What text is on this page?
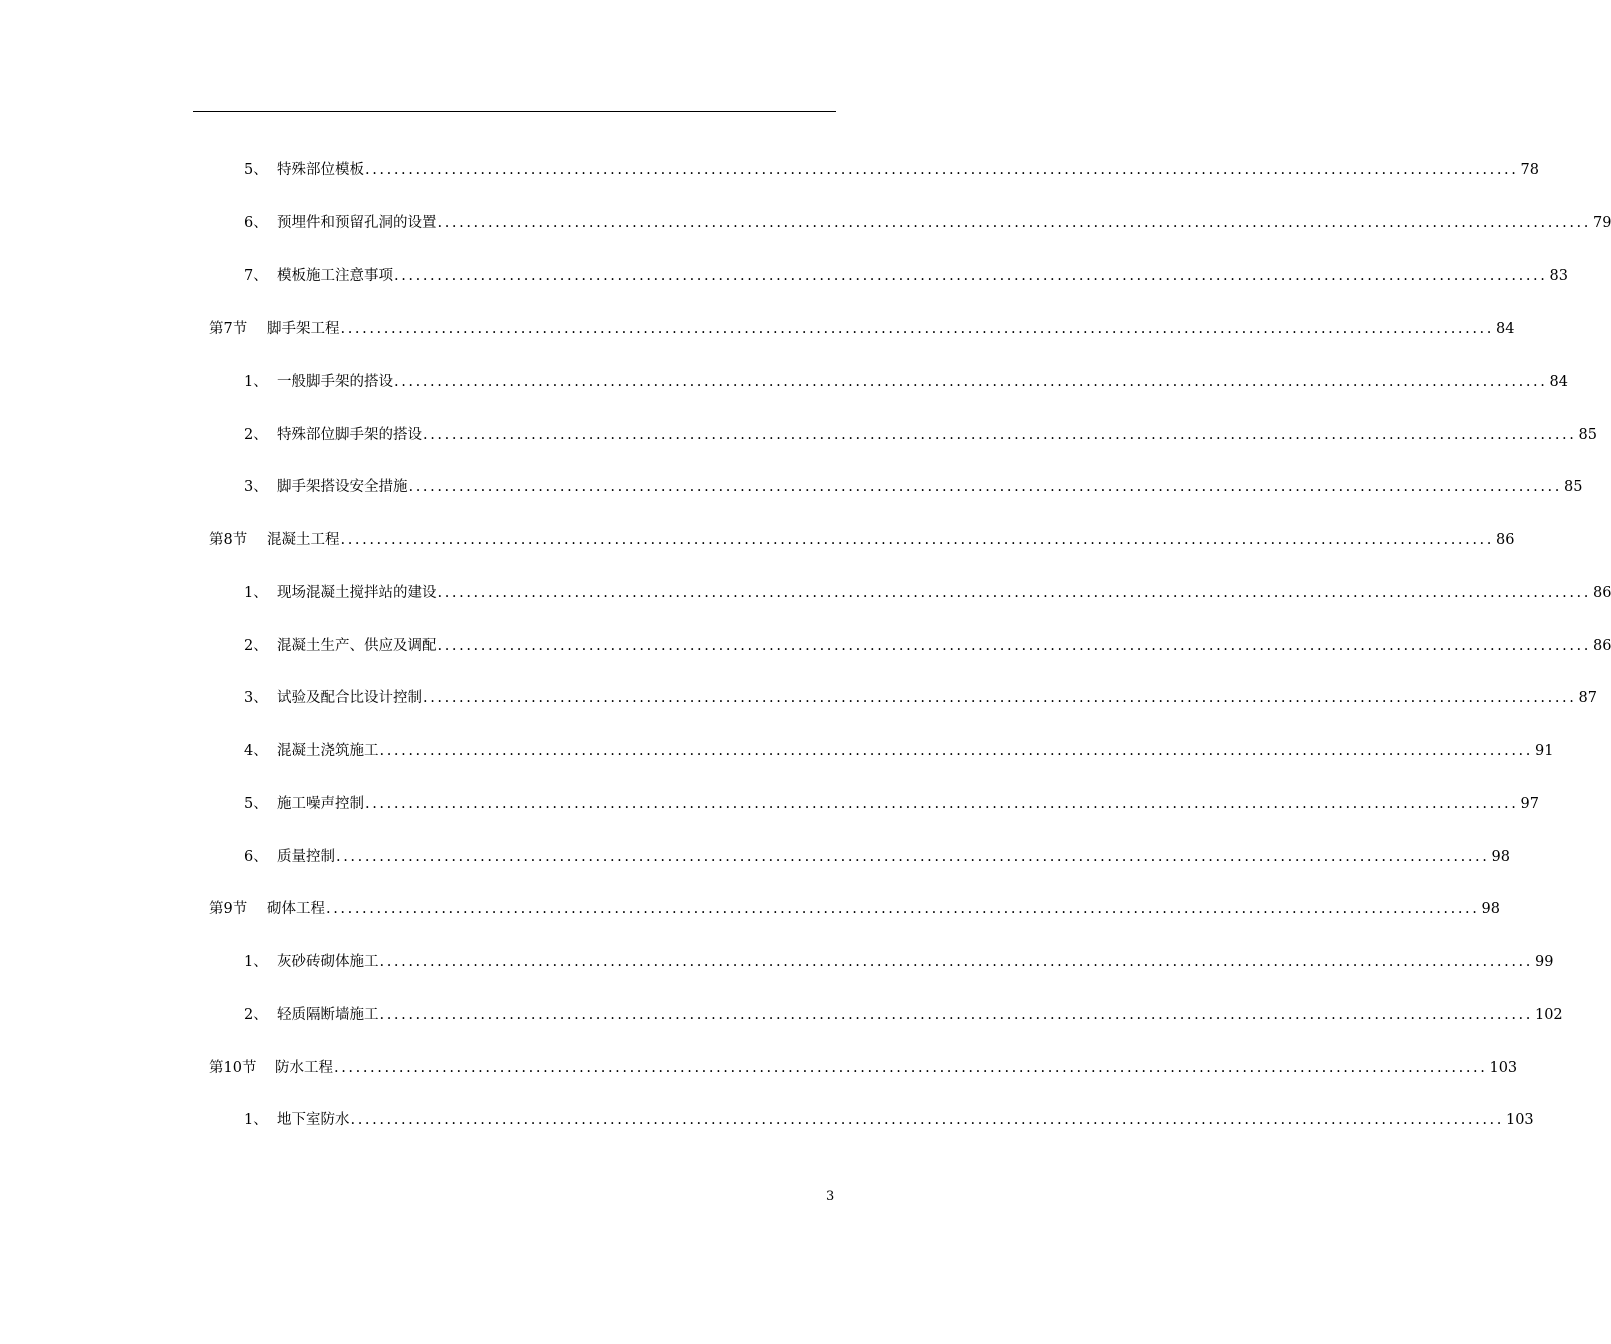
5、 特殊部位模板 ................................................................................................................................................................ 78
6、 预埋件和预留孔洞的设置 ................................................................................................................................................................ 79
7、 模板施工注意事项 ................................................................................................................................................................ 83
第7节	脚手架工程 ................................................................................................................................................................ 84
1、 一般脚手架的搭设 ................................................................................................................................................................ 84
2、 特殊部位脚手架的搭设 ................................................................................................................................................................ 85
3、 脚手架搭设安全措施 ................................................................................................................................................................ 85
第8节	混凝土工程 ................................................................................................................................................................ 86
1、 现场混凝土搅拌站的建设 ................................................................................................................................................................ 86
2、 混凝土生产、供应及调配 ................................................................................................................................................................ 86
3、 试验及配合比设计控制 ................................................................................................................................................................ 87
4、 混凝土浇筑施工 ................................................................................................................................................................ 91
5、 施工噪声控制 ................................................................................................................................................................ 97
6、 质量控制 ................................................................................................................................................................ 98
第9节	砌体工程 ................................................................................................................................................................ 98
1、 灰砂砖砌体施工 ................................................................................................................................................................ 99
2、 轻质隔断墙施工 ................................................................................................................................................................ 102
第10节	防水工程 ................................................................................................................................................................ 103
1、 地下室防水 ................................................................................................................................................................ 103
3
